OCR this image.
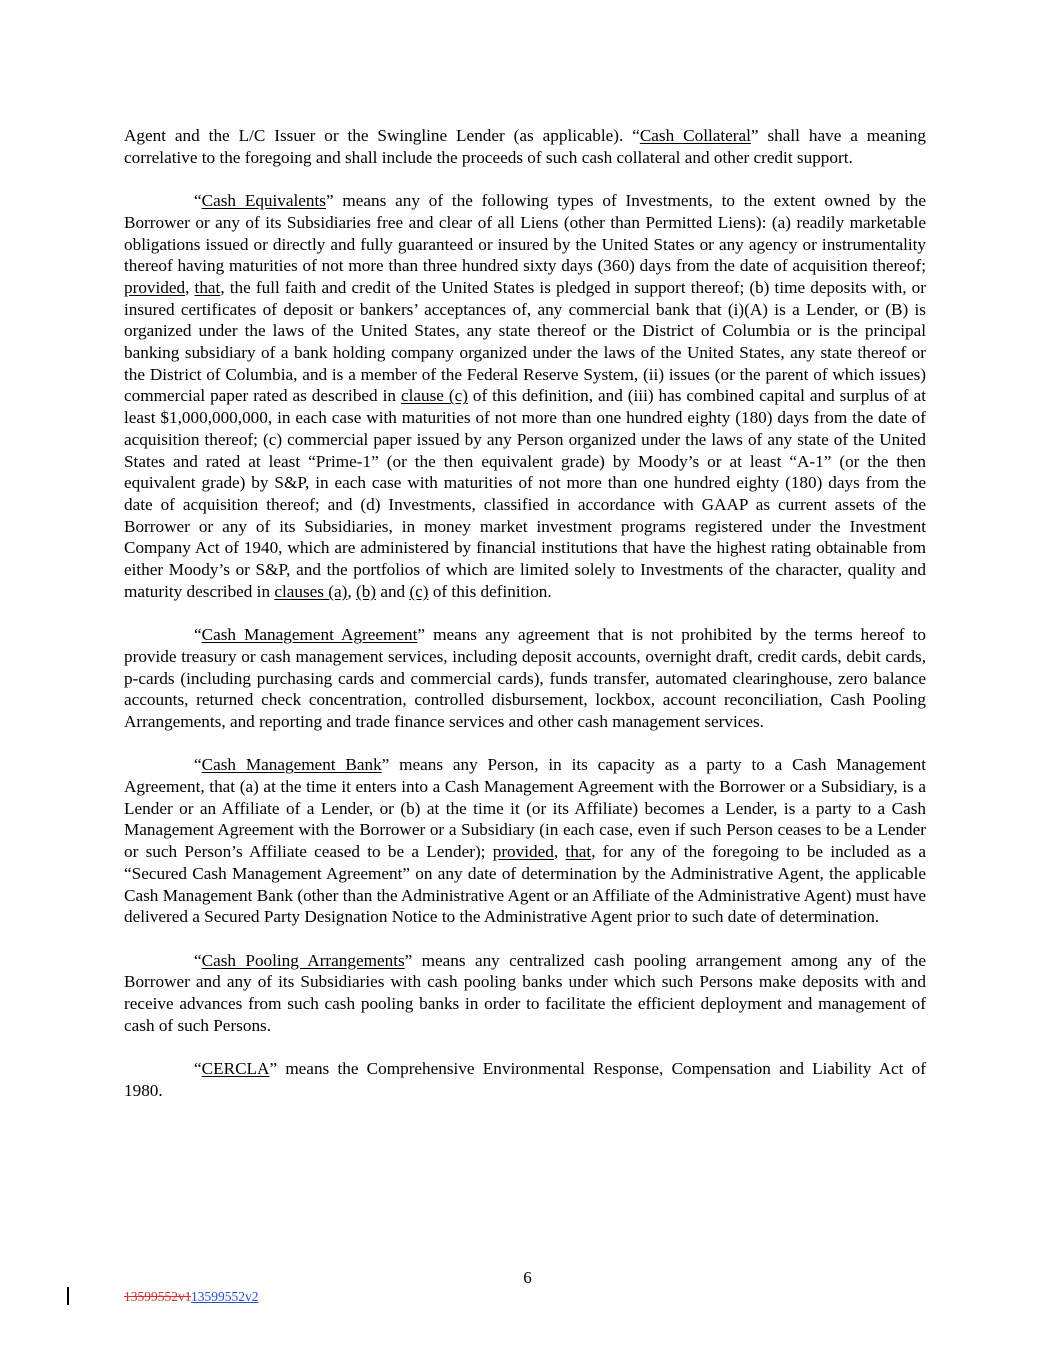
Agent and the L/C Issuer or the Swingline Lender (as applicable). “Cash Collateral” shall have a meaning correlative to the foregoing and shall include the proceeds of such cash collateral and other credit support.

“Cash Equivalents” means any of the following types of Investments, to the extent owned by the Borrower or any of its Subsidiaries free and clear of all Liens (other than Permitted Liens): (a) readily marketable obligations issued or directly and fully guaranteed or insured by the United States or any agency or instrumentality thereof having maturities of not more than three hundred sixty days (360) days from the date of acquisition thereof; provided, that, the full faith and credit of the United States is pledged in support thereof; (b) time deposits with, or insured certificates of deposit or bankers’ acceptances of, any commercial bank that (i)(A) is a Lender, or (B) is organized under the laws of the United States, any state thereof or the District of Columbia or is the principal banking subsidiary of a bank holding company organized under the laws of the United States, any state thereof or the District of Columbia, and is a member of the Federal Reserve System, (ii) issues (or the parent of which issues) commercial paper rated as described in clause (c) of this definition, and (iii) has combined capital and surplus of at least $1,000,000,000, in each case with maturities of not more than one hundred eighty (180) days from the date of acquisition thereof; (c) commercial paper issued by any Person organized under the laws of any state of the United States and rated at least “Prime-1” (or the then equivalent grade) by Moody’s or at least “A-1” (or the then equivalent grade) by S&P, in each case with maturities of not more than one hundred eighty (180) days from the date of acquisition thereof; and (d) Investments, classified in accordance with GAAP as current assets of the Borrower or any of its Subsidiaries, in money market investment programs registered under the Investment Company Act of 1940, which are administered by financial institutions that have the highest rating obtainable from either Moody’s or S&P, and the portfolios of which are limited solely to Investments of the character, quality and maturity described in clauses (a), (b) and (c) of this definition.

“Cash Management Agreement” means any agreement that is not prohibited by the terms hereof to provide treasury or cash management services, including deposit accounts, overnight draft, credit cards, debit cards, p-cards (including purchasing cards and commercial cards), funds transfer, automated clearinghouse, zero balance accounts, returned check concentration, controlled disbursement, lockbox, account reconciliation, Cash Pooling Arrangements, and reporting and trade finance services and other cash management services.

“Cash Management Bank” means any Person, in its capacity as a party to a Cash Management Agreement, that (a) at the time it enters into a Cash Management Agreement with the Borrower or a Subsidiary, is a Lender or an Affiliate of a Lender, or (b) at the time it (or its Affiliate) becomes a Lender, is a party to a Cash Management Agreement with the Borrower or a Subsidiary (in each case, even if such Person ceases to be a Lender or such Person’s Affiliate ceased to be a Lender); provided, that, for any of the foregoing to be included as a “Secured Cash Management Agreement” on any date of determination by the Administrative Agent, the applicable Cash Management Bank (other than the Administrative Agent or an Affiliate of the Administrative Agent) must have delivered a Secured Party Designation Notice to the Administrative Agent prior to such date of determination.

“Cash Pooling Arrangements” means any centralized cash pooling arrangement among any of the Borrower and any of its Subsidiaries with cash pooling banks under which such Persons make deposits with and receive advances from such cash pooling banks in order to facilitate the efficient deployment and management of cash of such Persons.

“CERCLA” means the Comprehensive Environmental Response, Compensation and Liability Act of 1980.

6
13599552v113599552v2
